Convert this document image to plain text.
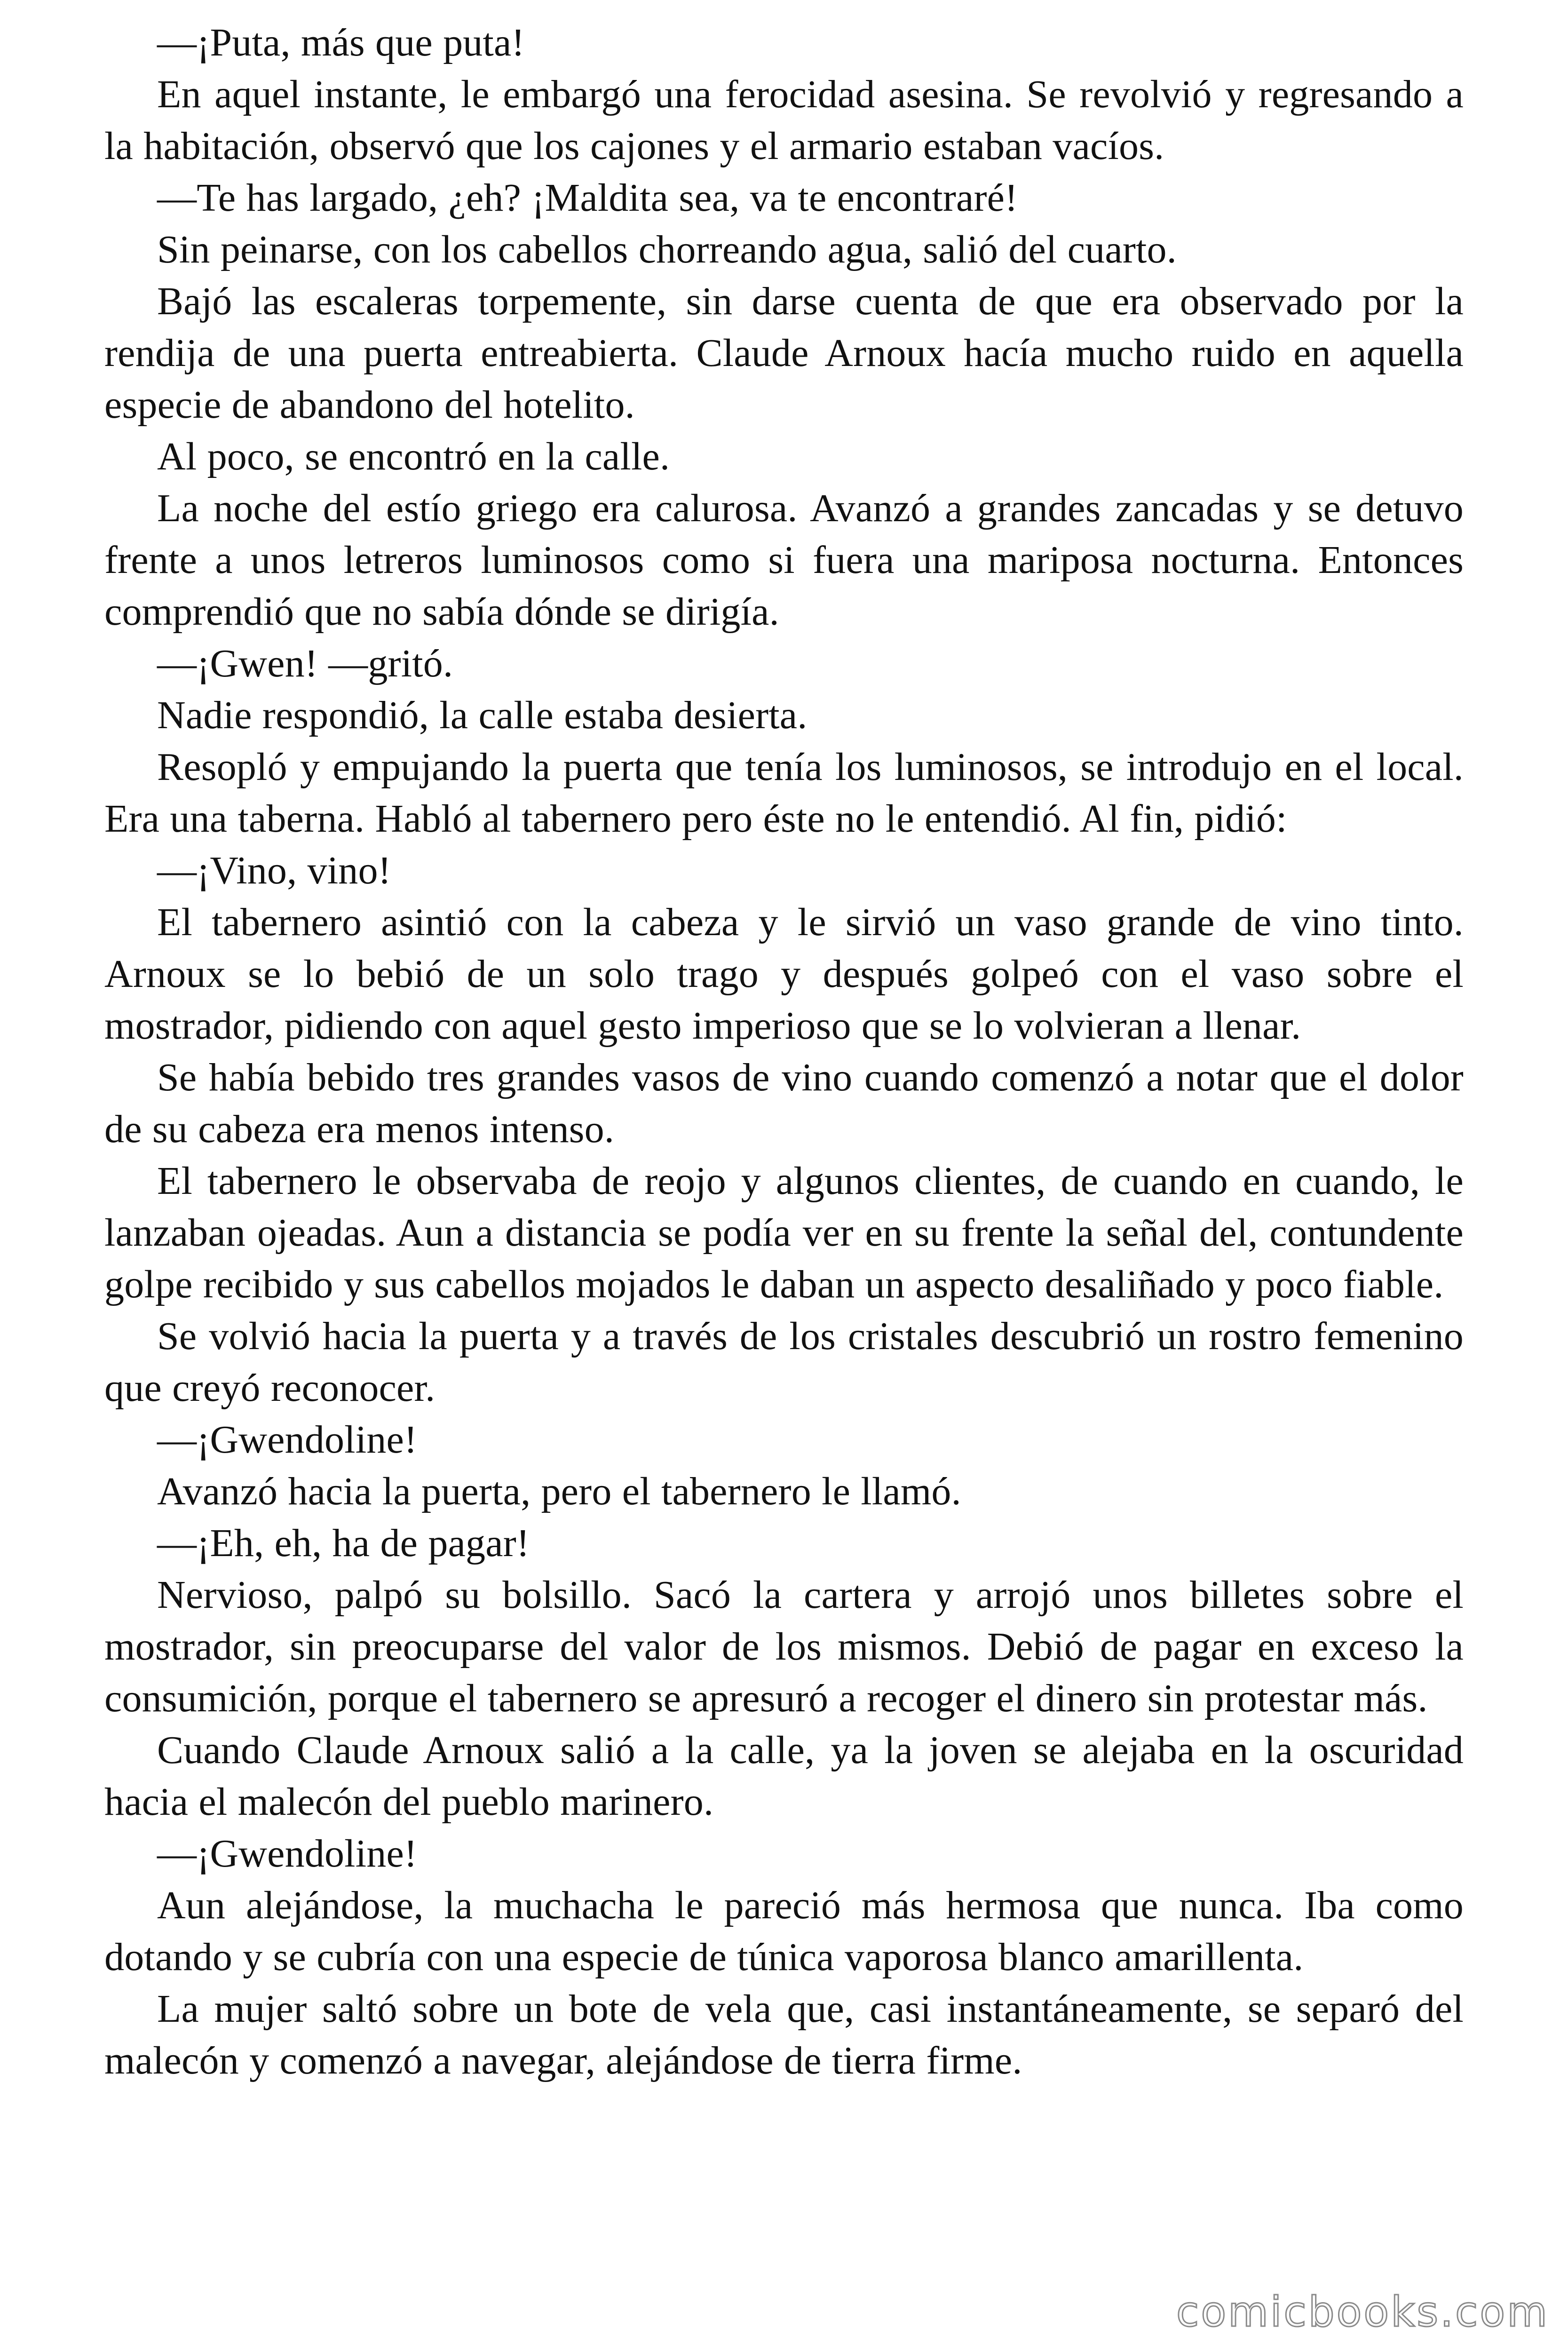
—¡Puta, más que puta!

En aquel instante, le embargó una ferocidad asesina. Se revolvió y regresando a la habitación, observó que los cajones y el armario estaban vacíos.

—Te has largado, ¿eh? ¡Maldita sea, va te encontraré!

Sin peinarse, con los cabellos chorreando agua, salió del cuarto.

Bajó las escaleras torpemente, sin darse cuenta de que era observado por la rendija de una puerta entreabierta. Claude Arnoux hacía mucho ruido en aquella especie de abandono del hotelito.

Al poco, se encontró en la calle.

La noche del estío griego era calurosa. Avanzó a grandes zancadas y se detuvo frente a unos letreros luminosos como si fuera una mariposa nocturna. Entonces comprendió que no sabía dónde se dirigía.

—¡Gwen! —gritó.

Nadie respondió, la calle estaba desierta.

Resopló y empujando la puerta que tenía los luminosos, se introdujo en el local. Era una taberna. Habló al tabernero pero éste no le entendió. Al fin, pidió:

—¡Vino, vino!

El tabernero asintió con la cabeza y le sirvió un vaso grande de vino tinto. Arnoux se lo bebió de un solo trago y después golpeó con el vaso sobre el mostrador, pidiendo con aquel gesto imperioso que se lo volvieran a llenar.

Se había bebido tres grandes vasos de vino cuando comenzó a notar que el dolor de su cabeza era menos intenso.

El tabernero le observaba de reojo y algunos clientes, de cuando en cuando, le lanzaban ojeadas. Aun a distancia se podía ver en su frente la señal del, contundente golpe recibido y sus cabellos mojados le daban un aspecto desaliñado y poco fiable.

Se volvió hacia la puerta y a través de los cristales descubrió un rostro femenino que creyó reconocer.

—¡Gwendoline!

Avanzó hacia la puerta, pero el tabernero le llamó.

—¡Eh, eh, ha de pagar!

Nervioso, palpó su bolsillo. Sacó la cartera y arrojó unos billetes sobre el mostrador, sin preocuparse del valor de los mismos. Debió de pagar en exceso la consumición, porque el tabernero se apresuró a recoger el dinero sin protestar más.

Cuando Claude Arnoux salió a la calle, ya la joven se alejaba en la oscuridad hacia el malecón del pueblo marinero.

—¡Gwendoline!

Aun alejándose, la muchacha le pareció más hermosa que nunca. Iba como dotando y se cubría con una especie de túnica vaporosa blanco amarillenta.

La mujer saltó sobre un bote de vela que, casi instantáneamente, se separó del malecón y comenzó a navegar, alejándose de tierra firme.

comicbooks.com
